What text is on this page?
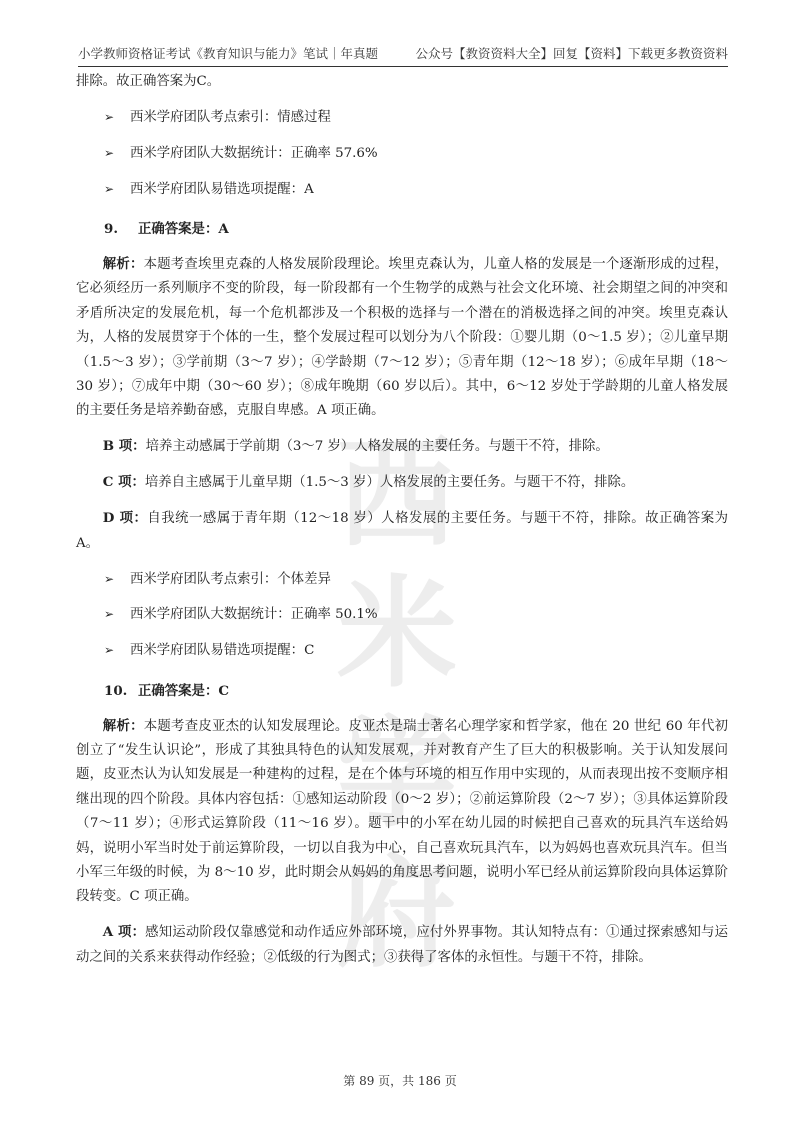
小学教师资格证考试《教育知识与能力》笔试｜年真题	公众号【教资资料大全】回复【资料】下载更多教资资料
西米
学府

排除。故正确答案为C。

➢ 西米学府团队考点索引：情感过程

➢ 西米学府团队大数据统计：正确率 57.6%

➢ 西米学府团队易错选项提醒：A

9. 正确答案是：A

解析：本题考查埃里克森的人格发展阶段理论。埃里克森认为，儿童人格的发展是一个逐渐形成的过程，它必须经历一系列顺序不变的阶段，每一阶段都有一个生物学的成熟与社会文化环境、社会期望之间的冲突和矛盾所决定的发展危机，每一个危机都涉及一个积极的选择与一个潜在的消极选择之间的冲突。埃里克森认为，人格的发展贯穿于个体的一生，整个发展过程可以划分为八个阶段：①婴儿期（0～1.5 岁）；②儿童早期（1.5～3 岁）；③学前期（3～7 岁）；④学龄期（7～12 岁）；⑤青年期（12～18 岁）；⑥成年早期（18～30 岁）；⑦成年中期（30～60 岁）；⑧成年晚期（60 岁以后）。其中，6～12 岁处于学龄期的儿童人格发展的主要任务是培养勤奋感，克服自卑感。A 项正确。

B 项：培养主动感属于学前期（3～7 岁）人格发展的主要任务。与题干不符，排除。

C 项：培养自主感属于儿童早期（1.5～3 岁）人格发展的主要任务。与题干不符，排除。

D 项：自我统一感属于青年期（12～18 岁）人格发展的主要任务。与题干不符，排除。故正确答案为A。

➢ 西米学府团队考点索引：个体差异

➢ 西米学府团队大数据统计：正确率 50.1%

➢ 西米学府团队易错选项提醒：C

10. 正确答案是：C

解析：本题考查皮亚杰的认知发展理论。皮亚杰是瑞士著名心理学家和哲学家，他在 20 世纪 60 年代初创立了“发生认识论”，形成了其独具特色的认知发展观，并对教育产生了巨大的积极影响。关于认知发展问题，皮亚杰认为认知发展是一种建构的过程，是在个体与环境的相互作用中实现的，从而表现出按不变顺序相继出现的四个阶段。具体内容包括：①感知运动阶段（0～2 岁）；②前运算阶段（2～7 岁）；③具体运算阶段（7～11 岁）；④形式运算阶段（11～16 岁）。题干中的小军在幼儿园的时候把自己喜欢的玩具汽车送给妈妈，说明小军当时处于前运算阶段，一切以自我为中心，自己喜欢玩具汽车，以为妈妈也喜欢玩具汽车。但当小军三年级的时候，为 8～10 岁，此时期会从妈妈的角度思考问题，说明小军已经从前运算阶段向具体运算阶段转变。C 项正确。

A 项：感知运动阶段仅靠感觉和动作适应外部环境，应付外界事物。其认知特点有：①通过探索感知与运动之间的关系来获得动作经验；②低级的行为图式；③获得了客体的永恒性。与题干不符，排除。

第 89 页，共 186 页
